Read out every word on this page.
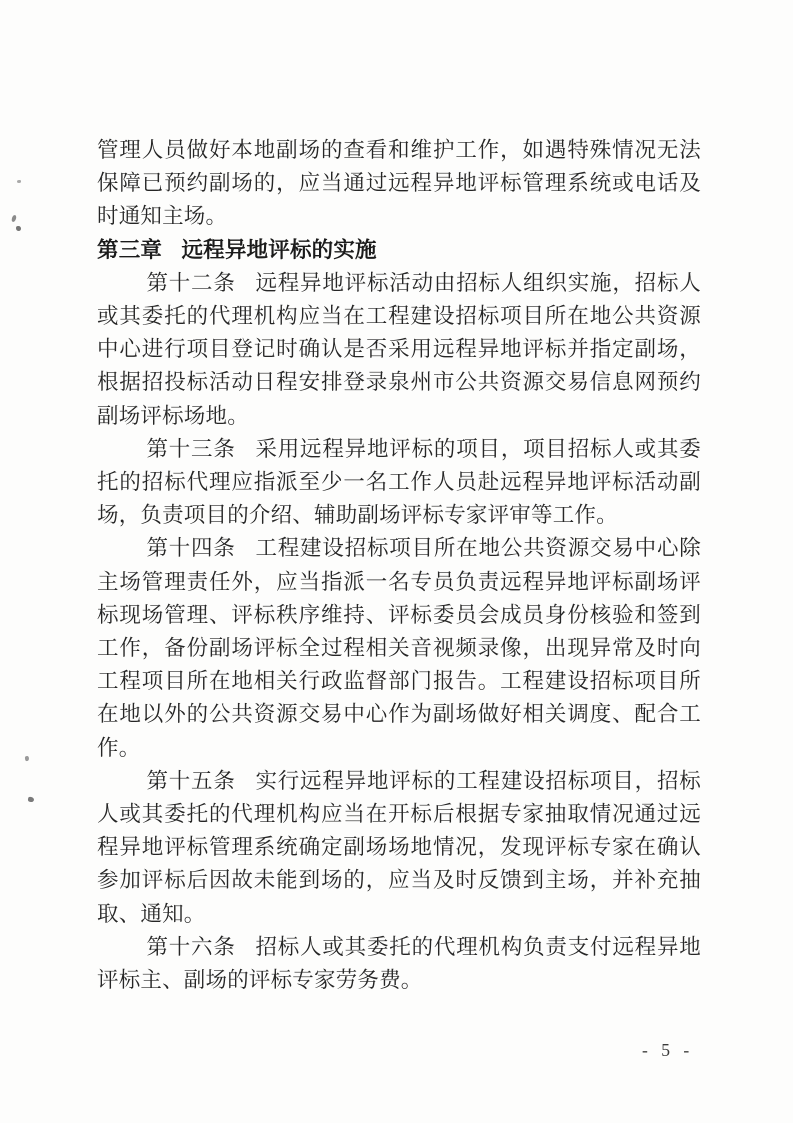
管理人员做好本地副场的查看和维护工作，如遇特殊情况无法保障已预约副场的，应当通过远程异地评标管理系统或电话及时通知主场。

第三章 远程异地评标的实施

第十二条 远程异地评标活动由招标人组织实施，招标人或其委托的代理机构应当在工程建设招标项目所在地公共资源中心进行项目登记时确认是否采用远程异地评标并指定副场，根据招投标活动日程安排登录泉州市公共资源交易信息网预约副场评标场地。

第十三条 采用远程异地评标的项目，项目招标人或其委托的招标代理应指派至少一名工作人员赴远程异地评标活动副场，负责项目的介绍、辅助副场评标专家评审等工作。

第十四条 工程建设招标项目所在地公共资源交易中心除主场管理责任外，应当指派一名专员负责远程异地评标副场评标现场管理、评标秩序维持、评标委员会成员身份核验和签到工作，备份副场评标全过程相关音视频录像，出现异常及时向工程项目所在地相关行政监督部门报告。工程建设招标项目所在地以外的公共资源交易中心作为副场做好相关调度、配合工作。

第十五条 实行远程异地评标的工程建设招标项目，招标人或其委托的代理机构应当在开标后根据专家抽取情况通过远程异地评标管理系统确定副场场地情况，发现评标专家在确认参加评标后因故未能到场的，应当及时反馈到主场，并补充抽取、通知。

第十六条 招标人或其委托的代理机构负责支付远程异地评标主、副场的评标专家劳务费。

- 5 -
